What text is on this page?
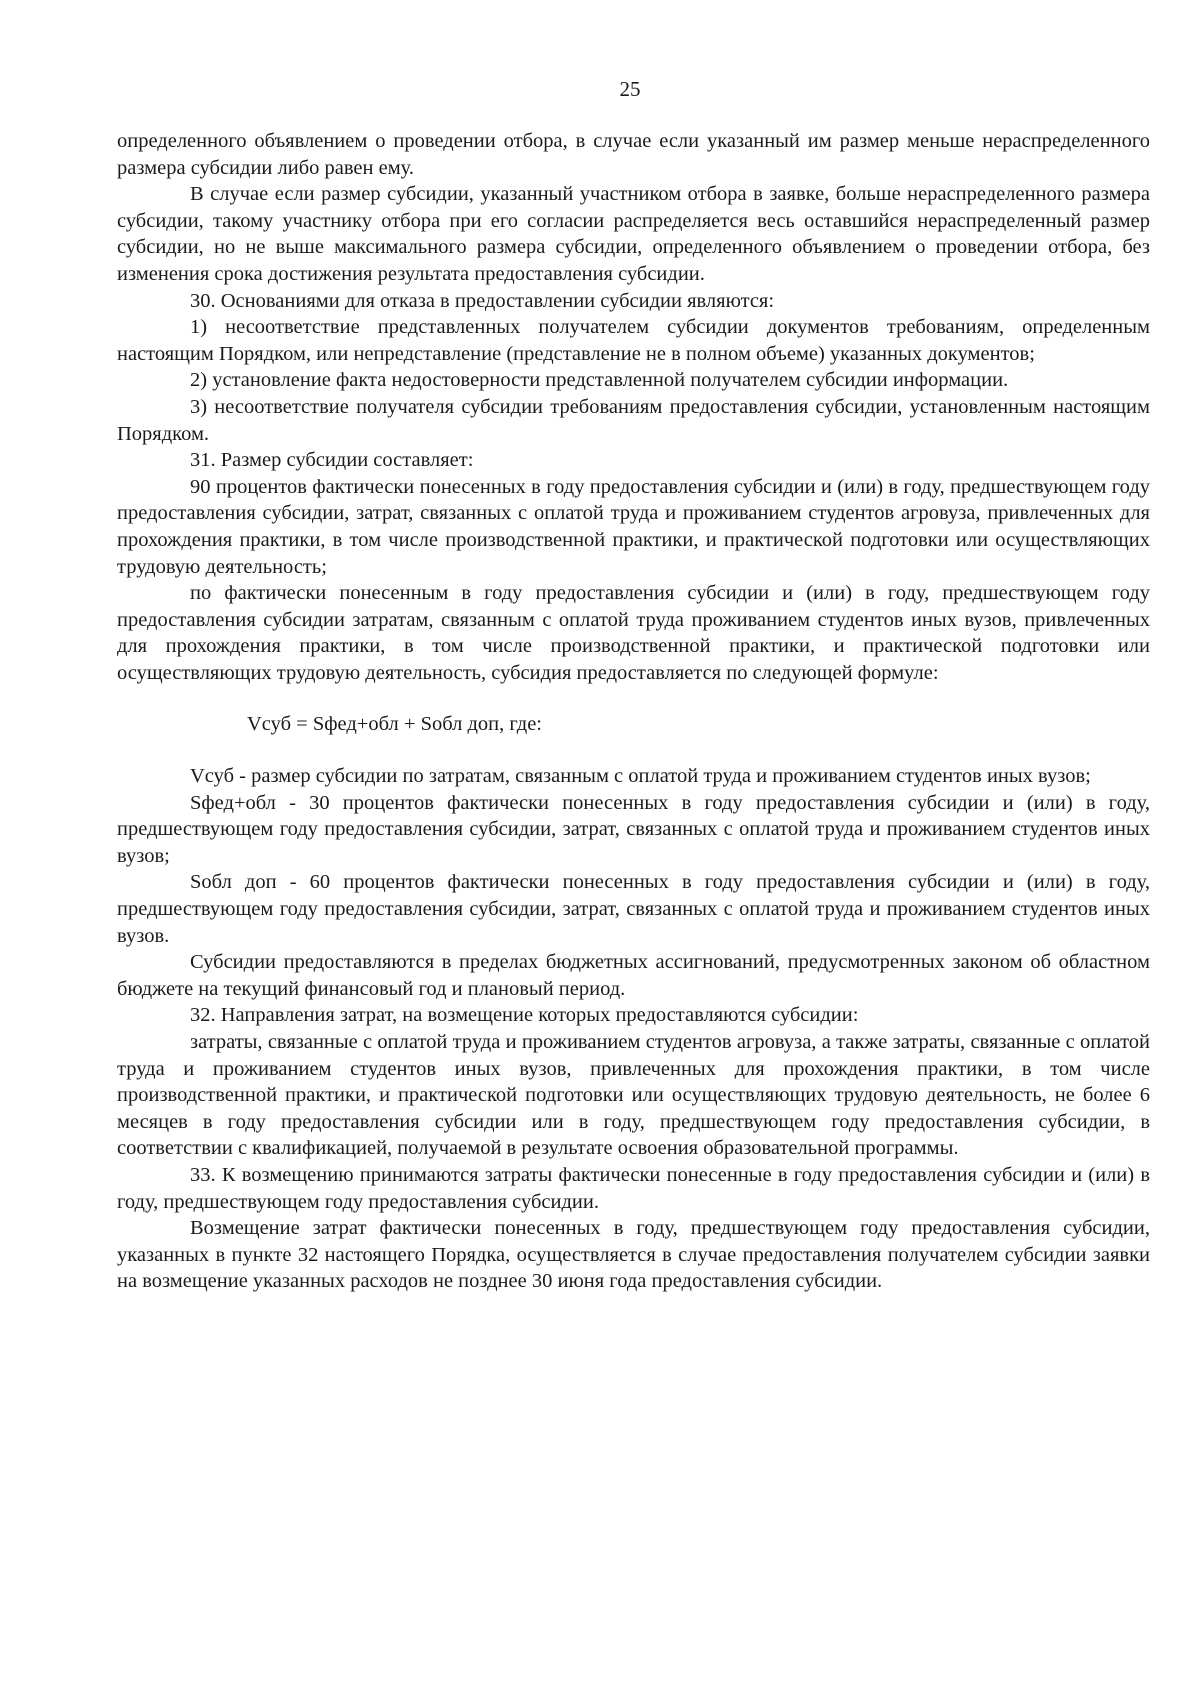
25

определенного объявлением о проведении отбора, в случае если указанный им размер меньше нераспределенного размера субсидии либо равен ему.

В случае если размер субсидии, указанный участником отбора в заявке, больше нераспределенного размера субсидии, такому участнику отбора при его согласии распределяется весь оставшийся нераспределенный размер субсидии, но не выше максимального размера субсидии, определенного объявлением о проведении отбора, без изменения срока достижения результата предоставления субсидии.

30. Основаниями для отказа в предоставлении субсидии являются:

1) несоответствие представленных получателем субсидии документов требованиям, определенным настоящим Порядком, или непредставление (представление не в полном объеме) указанных документов;

2) установление факта недостоверности представленной получателем субсидии информации.

3) несоответствие получателя субсидии требованиям предоставления субсидии, установленным настоящим Порядком.

31. Размер субсидии составляет:

90 процентов фактически понесенных в году предоставления субсидии и (или) в году, предшествующем году предоставления субсидии, затрат, связанных с оплатой труда и проживанием студентов агровуза, привлеченных для прохождения практики, в том числе производственной практики, и практической подготовки или осуществляющих трудовую деятельность;

по фактически понесенным в году предоставления субсидии и (или) в году, предшествующем году предоставления субсидии затратам, связанным с оплатой труда проживанием студентов иных вузов, привлеченных для прохождения практики, в том числе производственной практики, и практической подготовки или осуществляющих трудовую деятельность, субсидия предоставляется по следующей формуле:

Vсуб = Sфед+обл + Sобл доп, где:

Vсуб - размер субсидии по затратам, связанным с оплатой труда и проживанием студентов иных вузов;

Sфед+обл - 30 процентов фактически понесенных в году предоставления субсидии и (или) в году, предшествующем году предоставления субсидии, затрат, связанных с оплатой труда и проживанием студентов иных вузов;

Sобл доп - 60 процентов фактически понесенных в году предоставления субсидии и (или) в году, предшествующем году предоставления субсидии, затрат, связанных с оплатой труда и проживанием студентов иных вузов.

Субсидии предоставляются в пределах бюджетных ассигнований, предусмотренных законом об областном бюджете на текущий финансовый год и плановый период.

32. Направления затрат, на возмещение которых предоставляются субсидии:

затраты, связанные с оплатой труда и проживанием студентов агровуза, а также затраты, связанные с оплатой труда и проживанием студентов иных вузов, привлеченных для прохождения практики, в том числе производственной практики, и практической подготовки или осуществляющих трудовую деятельность, не более 6 месяцев в году предоставления субсидии или в году, предшествующем году предоставления субсидии, в соответствии с квалификацией, получаемой в результате освоения образовательной программы.

33. К возмещению принимаются затраты фактически понесенные в году предоставления субсидии и (или) в году, предшествующем году предоставления субсидии.

Возмещение затрат фактически понесенных в году, предшествующем году предоставления субсидии, указанных в пункте 32 настоящего Порядка, осуществляется в случае предоставления получателем субсидии заявки на возмещение указанных расходов не позднее 30 июня года предоставления субсидии.
